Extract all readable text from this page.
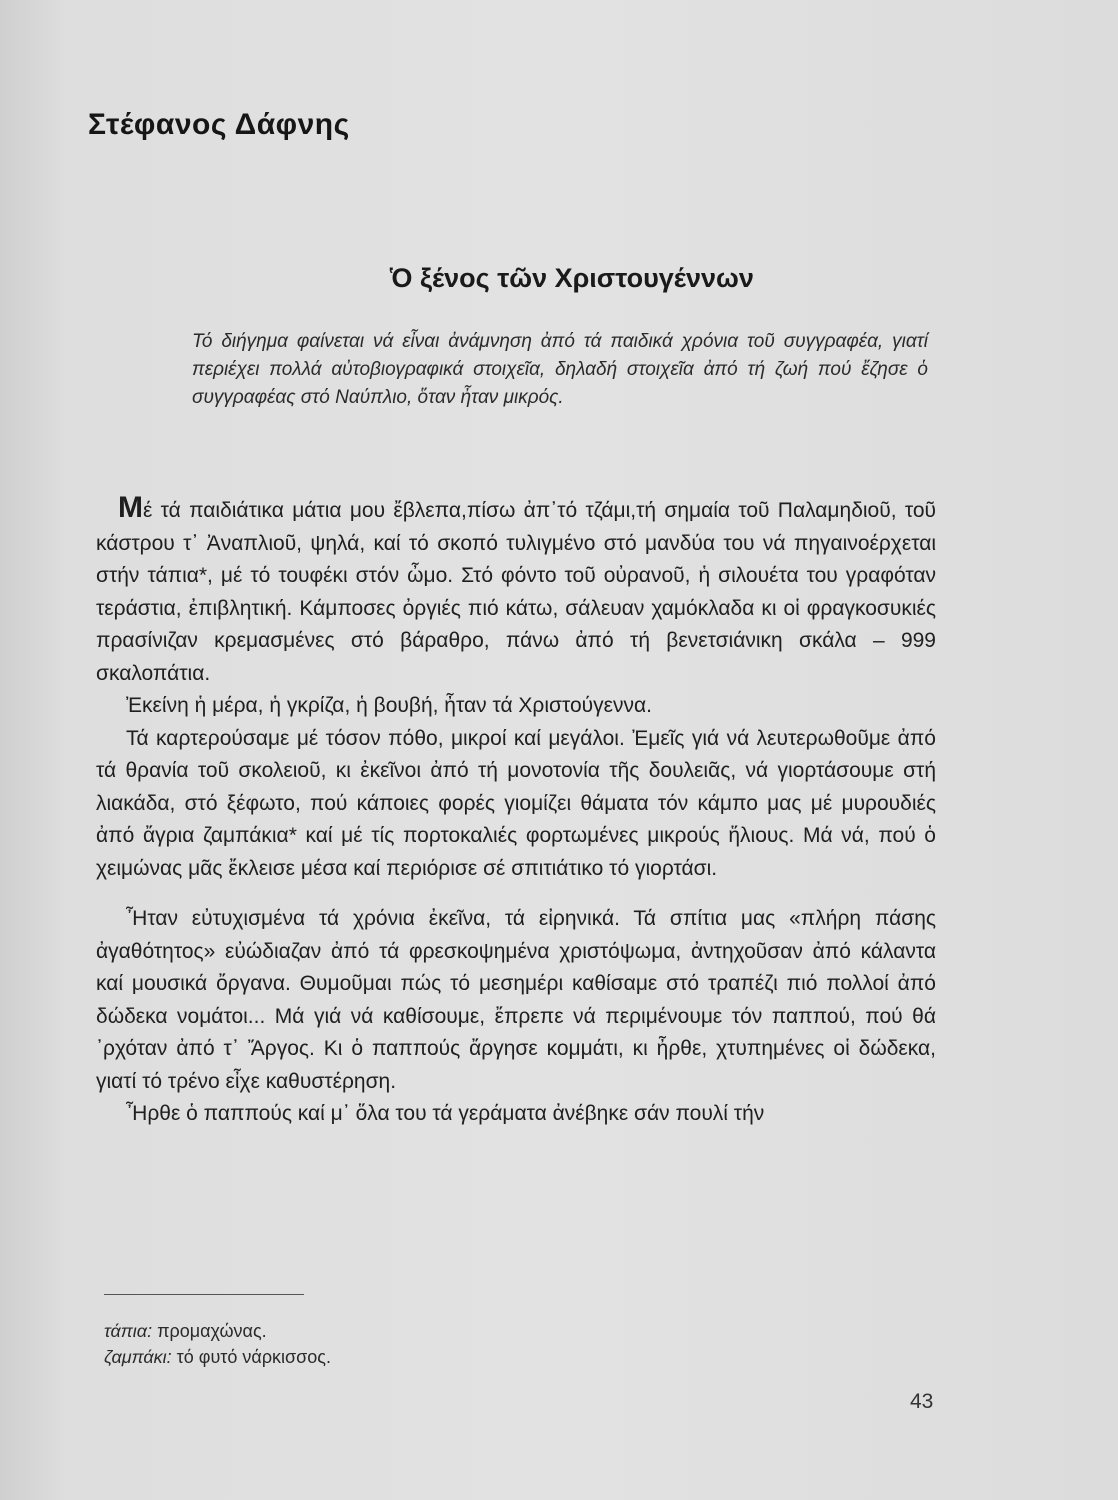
Στέφανος Δάφνης
Ὁ ξένος τῶν Χριστουγέννων

Τό διήγημα φαίνεται νά εἶναι ἀνάμνηση ἀπό τά παιδικά χρόνια τοῦ συγγραφέα, γιατί περιέχει πολλά αὐτοβιογραφικά στοιχεῖα, δηλαδή στοιχεῖα ἀπό τή ζωή πού ἔζησε ὁ συγγραφέας στό Ναύπλιο, ὅταν ἦταν μικρός.

Μέ τά παιδιάτικα μάτια μου ἔβλεπα,πίσω ἀπ᾿τό τζάμι,τή σημαία τοῦ Παλαμηδιοῦ, τοῦ κάστρου τ᾿ Ἀναπλιοῦ, ψηλά, καί τό σκοπό τυλιγμένο στό μανδύα του νά πηγαινοέρχεται στήν τάπια*, μέ τό τουφέκι στόν ὦμο. Στό φόντο τοῦ οὐρανοῦ, ἡ σιλουέτα του γραφόταν τεράστια, ἐπιβλητική. Κάμποσες ὀργιές πιό κάτω, σάλευαν χαμόκλαδα κι οἱ φραγκοσυκιές πρασίνιζαν κρεμασμένες στό βάραθρο, πάνω ἀπό τή βενετσιάνικη σκάλα – 999 σκαλοπάτια.

Ἐκείνη ἡ μέρα, ἡ γκρίζα, ἡ βουβή, ἦταν τά Χριστούγεννα.

Τά καρτερούσαμε μέ τόσον πόθο, μικροί καί μεγάλοι. Ἐμεῖς γιά νά λευτερωθοῦμε ἀπό τά θρανία τοῦ σκολειοῦ, κι ἐκεῖνοι ἀπό τή μονοτονία τῆς δουλειᾶς, νά γιορτάσουμε στή λιακάδα, στό ξέφωτο, πού κάποιες φορές γιομίζει θάματα τόν κάμπο μας μέ μυρουδιές ἀπό ἄγρια ζαμπάκια* καί μέ τίς πορτοκαλιές φορτωμένες μικρούς ἥλιους. Μά νά, πού ὁ χειμώνας μᾶς ἔκλεισε μέσα καί περιόρισε σέ σπιτιάτικο τό γιορτάσι.

Ἦταν εὐτυχισμένα τά χρόνια ἐκεῖνα, τά εἰρηνικά. Τά σπίτια μας «πλήρη πάσης ἀγαθότητος» εὐώδιαζαν ἀπό τά φρεσκοψημένα χριστόψωμα, ἀντηχοῦσαν ἀπό κάλαντα καί μουσικά ὄργανα. Θυμοῦμαι πώς τό μεσημέρι καθίσαμε στό τραπέζι πιό πολλοί ἀπό δώδεκα νομάτοι... Μά γιά νά καθίσουμε, ἔπρεπε νά περιμένουμε τόν παππού, πού θά ᾿ρχόταν ἀπό τ᾿ Ἄργος. Κι ὁ παππούς ἄργησε κομμάτι, κι ἦρθε, χτυπημένες οἱ δώδεκα, γιατί τό τρένο εἶχε καθυστέρηση.

Ἦρθε ὁ παππούς καί μ᾿ ὅλα του τά γεράματα ἀνέβηκε σάν πουλί τήν

τάπια: προμαχώνας.

ζαμπάκι: τό φυτό νάρκισσος.

43
